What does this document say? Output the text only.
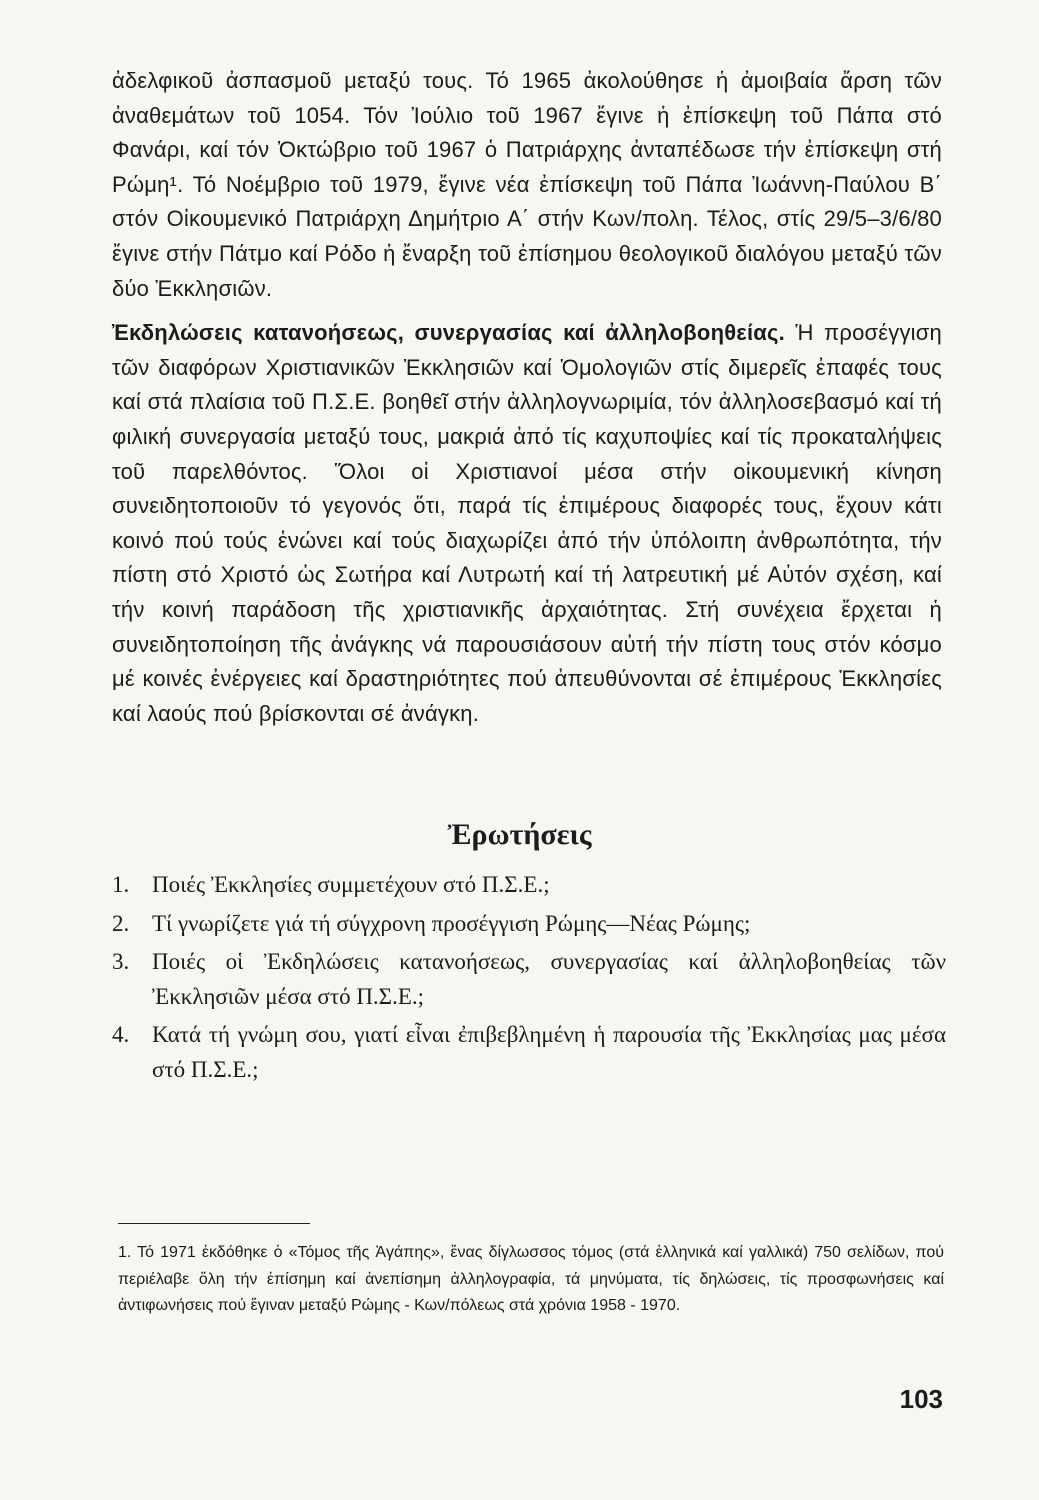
ἀδελφικοῦ ἀσπασμοῦ μεταξύ τους. Τό 1965 ἀκολούθησε ἡ ἀμοιβαία ἄρση τῶν ἀναθεμάτων τοῦ 1054. Τόν Ἰούλιο τοῦ 1967 ἔγινε ἡ ἐπίσκεψη τοῦ Πάπα στό Φανάρι, καί τόν Ὀκτώβριο τοῦ 1967 ὁ Πατριάρχης ἀνταπέδωσε τήν ἐπίσκεψη στή Ρώμη¹. Τό Νοέμβριο τοῦ 1979, ἔγινε νέα ἐπίσκεψη τοῦ Πάπα Ἰωάννη-Παύλου Β΄ στόν Οἰκουμενικό Πατριάρχη Δημήτριο Α΄ στήν Κων/πολη. Τέλος, στίς 29/5–3/6/80 ἔγινε στήν Πάτμο καί Ρόδο ἡ ἔναρξη τοῦ ἐπίσημου θεολογικοῦ διαλόγου μεταξύ τῶν δύο Ἐκκλησιῶν.

Ἐκδηλώσεις κατανοήσεως, συνεργασίας καί ἀλληλοβοηθείας. Ἡ προσέγγιση τῶν διαφόρων Χριστιανικῶν Ἐκκλησιῶν καί Ὁμολογιῶν στίς διμερεῖς ἐπαφές τους καί στά πλαίσια τοῦ Π.Σ.Ε. βοηθεῖ στήν ἀλληλογνωριμία, τόν ἀλληλοσεβασμό καί τή φιλική συνεργασία μεταξύ τους, μακριά ἀπό τίς καχυποψίες καί τίς προκαταλήψεις τοῦ παρελθόντος. Ὅλοι οἱ Χριστιανοί μέσα στήν οἰκουμενική κίνηση συνειδητοποιοῦν τό γεγονός ὅτι, παρά τίς ἐπιμέρους διαφορές τους, ἔχουν κάτι κοινό πού τούς ἑνώνει καί τούς διαχωρίζει ἀπό τήν ὑπόλοιπη ἀνθρωπότητα, τήν πίστη στό Χριστό ὡς Σωτήρα καί Λυτρωτή καί τή λατρευτική μέ Αὐτόν σχέση, καί τήν κοινή παράδοση τῆς χριστιανικῆς ἀρχαιότητας. Στή συνέχεια ἔρχεται ἡ συνειδητοποίηση τῆς ἀνάγκης νά παρουσιάσουν αὐτή τήν πίστη τους στόν κόσμο μέ κοινές ἐνέργειες καί δραστηριότητες πού ἀπευθύνονται σέ ἐπιμέρους Ἐκκλησίες καί λαούς πού βρίσκονται σέ ἀνάγκη.

Ἐρωτήσεις
1. Ποιές Ἐκκλησίες συμμετέχουν στό Π.Σ.Ε.;
2. Τί γνωρίζετε γιά τή σύγχρονη προσέγγιση Ρώμης—Νέας Ρώμης;
3. Ποιές οἱ Ἐκδηλώσεις κατανοήσεως, συνεργασίας καί ἀλληλοβοηθείας τῶν Ἐκκλησιῶν μέσα στό Π.Σ.Ε.;
4. Κατά τή γνώμη σου, γιατί εἶναι ἐπιβεβλημένη ἡ παρουσία τῆς Ἐκκλησίας μας μέσα στό Π.Σ.Ε.;

1. Τό 1971 ἐκδόθηκε ὁ «Τόμος τῆς Ἀγάπης», ἕνας δίγλωσσος τόμος (στά ἑλληνικά καί γαλλικά) 750 σελίδων, πού περιέλαβε ὅλη τήν ἐπίσημη καί ἀνεπίσημη ἀλληλογραφία, τά μηνύματα, τίς δηλώσεις, τίς προσφωνήσεις καί ἀντιφωνήσεις πού ἔγιναν μεταξύ Ρώμης - Κων/πόλεως στά χρόνια 1958 - 1970.

103
